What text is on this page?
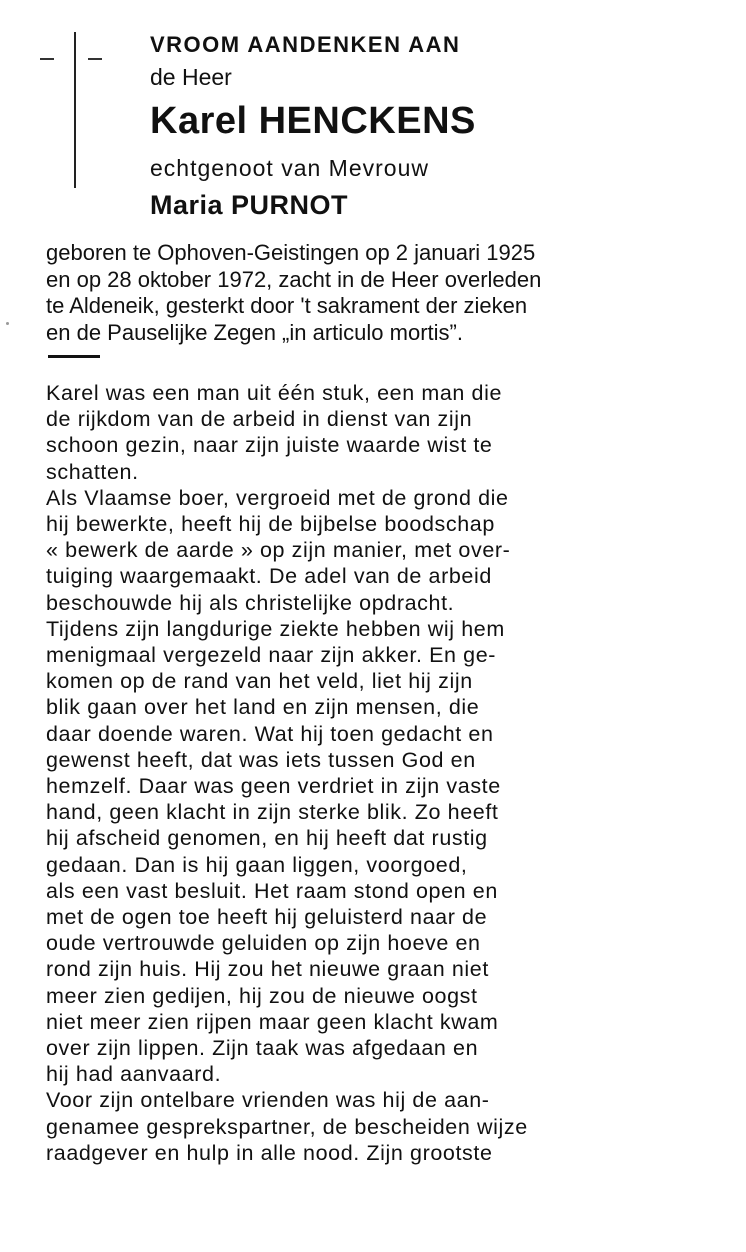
VROOM AANDENKEN AAN
de Heer
Karel HENCKENS
echtgenoot van Mevrouw
Maria PURNOT
geboren te Ophoven-Geistingen op 2 januari 1925
en op 28 oktober 1972, zacht in de Heer overleden
te Aldeneik, gesterkt door 't sakrament der zieken
en de Pauselijke Zegen „in articulo mortis”.
Karel was een man uit één stuk, een man die
de rijkdom van de arbeid in dienst van zijn
schoon gezin, naar zijn juiste waarde wist te
schatten.
Als Vlaamse boer, vergroeid met de grond die
hij bewerkte, heeft hij de bijbelse boodschap
« bewerk de aarde » op zijn manier, met over-
tuiging waargemaakt. De adel van de arbeid
beschouwde hij als christelijke opdracht.
Tijdens zijn langdurige ziekte hebben wij hem
menigmaal vergezeld naar zijn akker. En ge-
komen op de rand van het veld, liet hij zijn
blik gaan over het land en zijn mensen, die
daar doende waren. Wat hij toen gedacht en
gewenst heeft, dat was iets tussen God en
hemzelf. Daar was geen verdriet in zijn vaste
hand, geen klacht in zijn sterke blik. Zo heeft
hij afscheid genomen, en hij heeft dat rustig
gedaan. Dan is hij gaan liggen, voorgoed,
als een vast besluit. Het raam stond open en
met de ogen toe heeft hij geluisterd naar de
oude vertrouwde geluiden op zijn hoeve en
rond zijn huis. Hij zou het nieuwe graan niet
meer zien gedijen, hij zou de nieuwe oogst
niet meer zien rijpen maar geen klacht kwam
over zijn lippen. Zijn taak was afgedaan en
hij had aanvaard.
Voor zijn ontelbare vrienden was hij de aan-
genamee gesprekspartner, de bescheiden wijze
raadgever en hulp in alle nood. Zijn grootste
